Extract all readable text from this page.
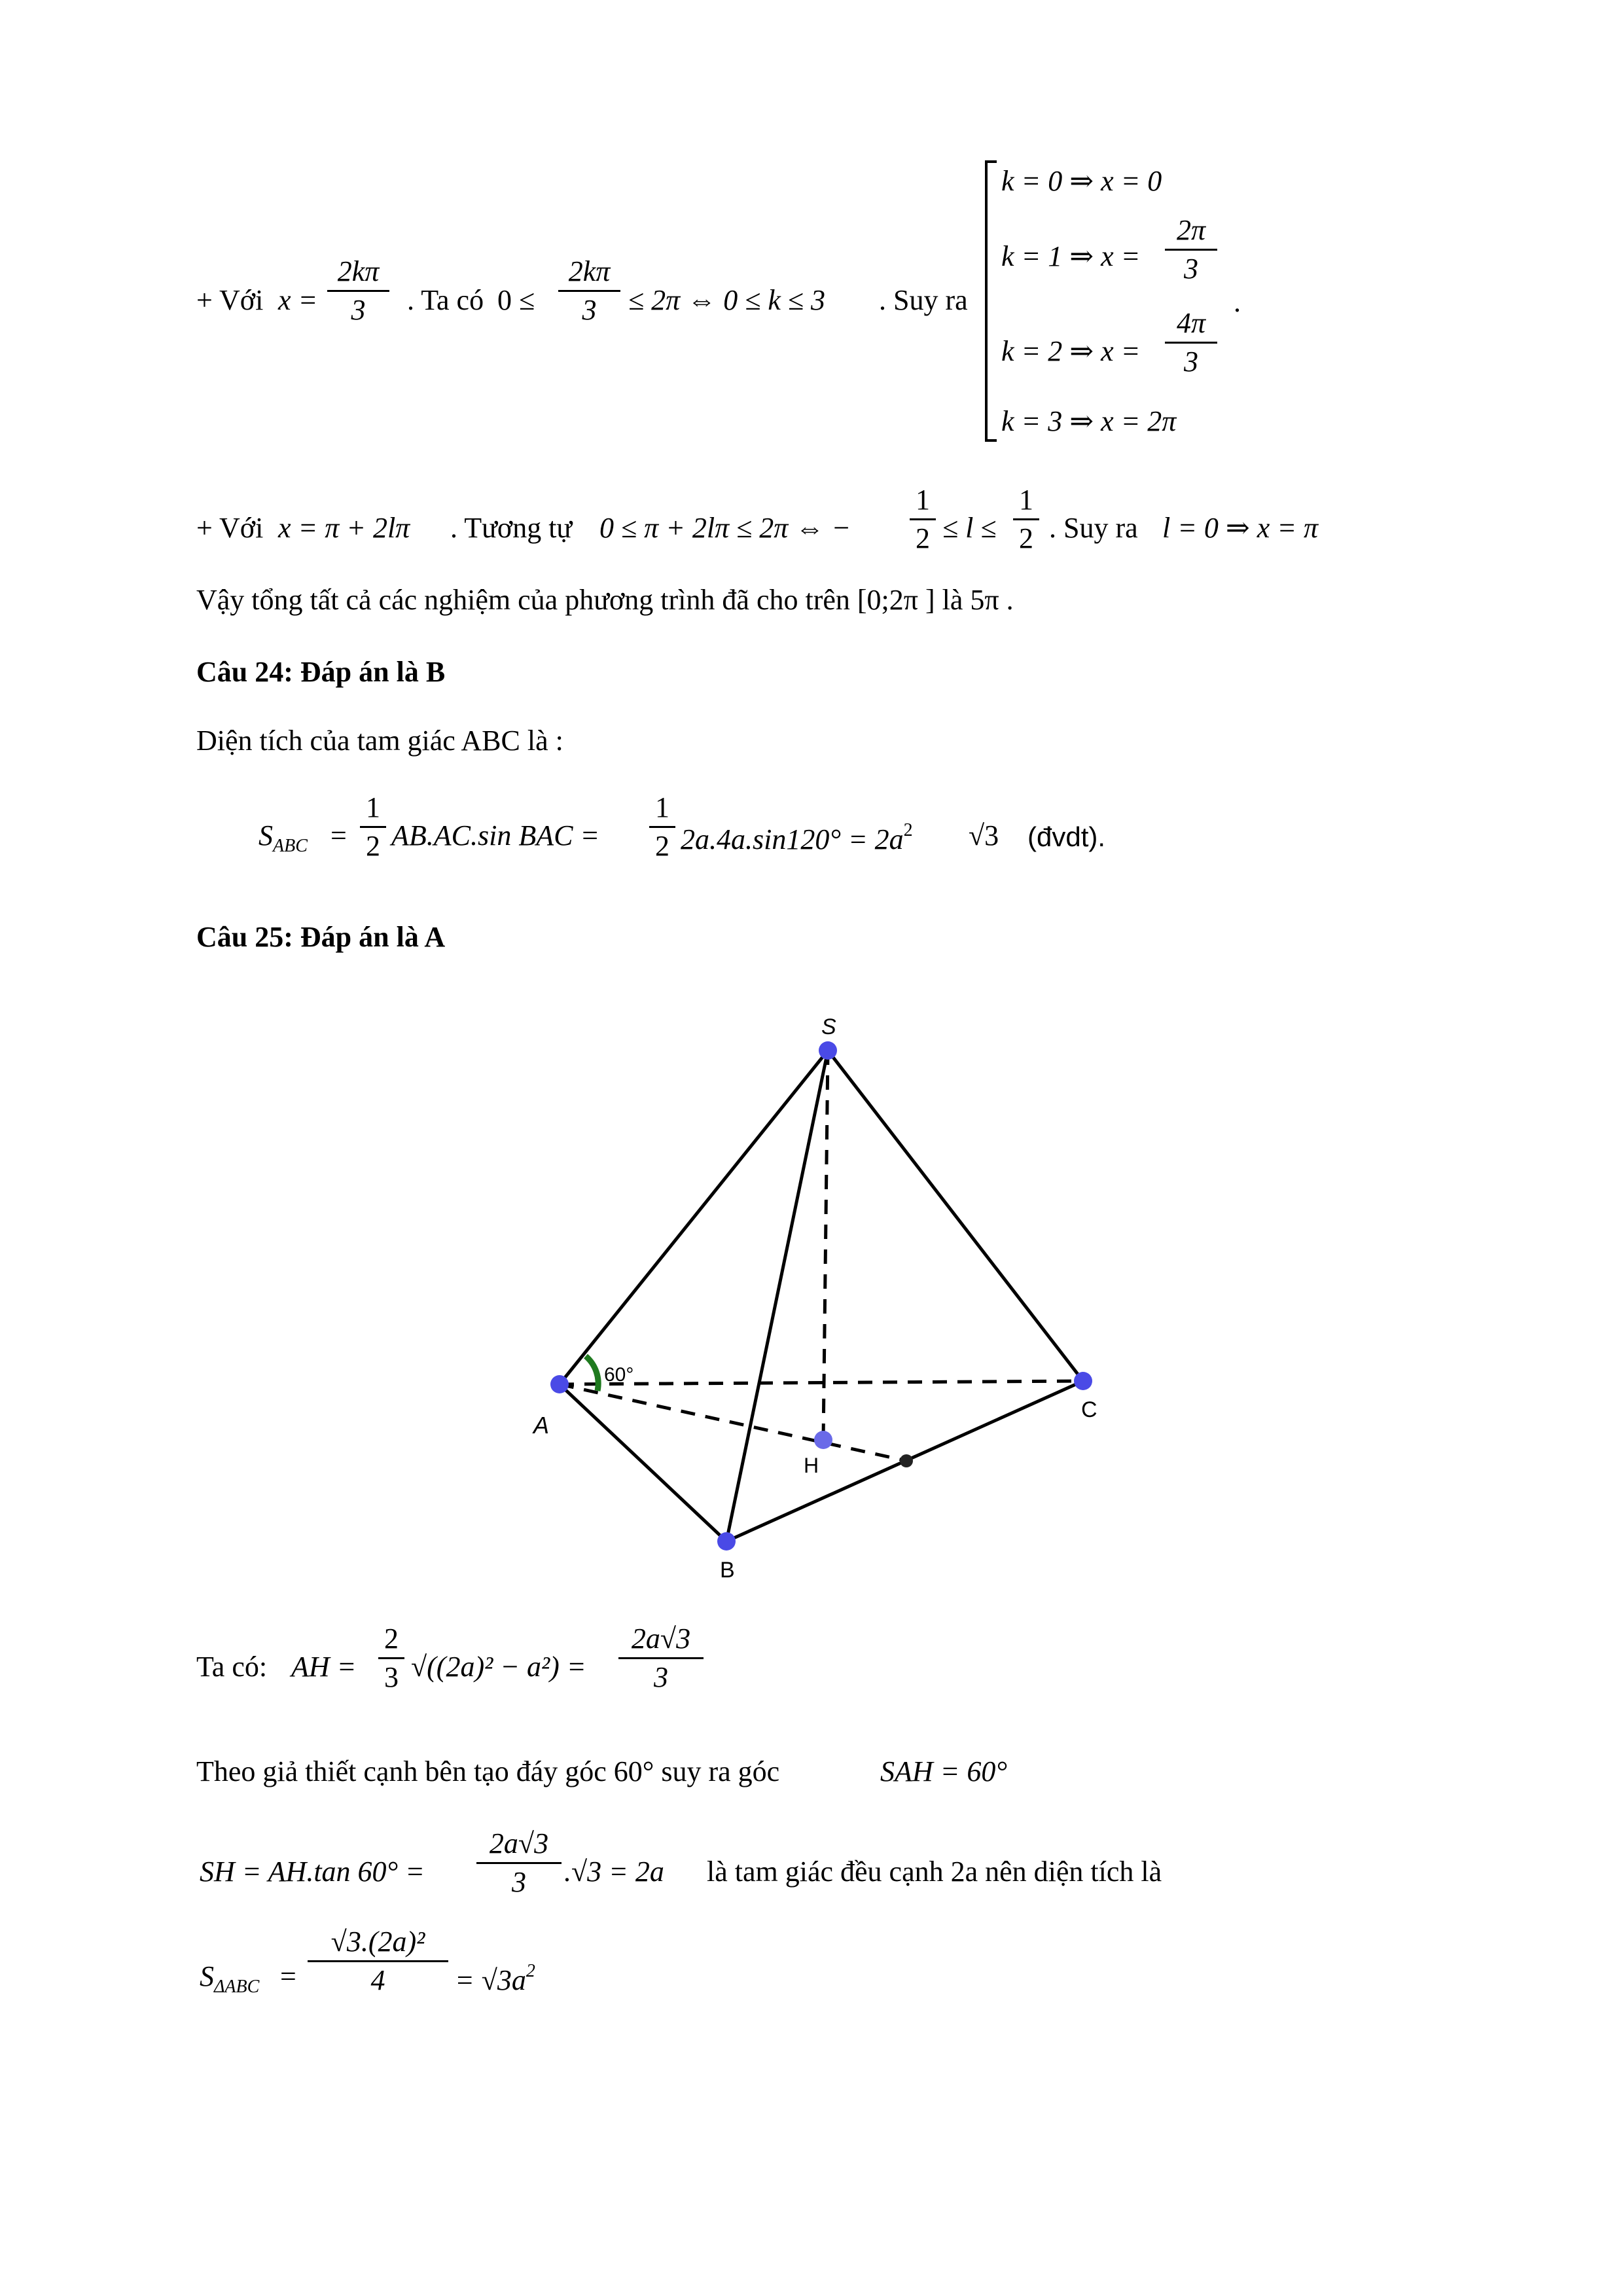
+ Với x =
2kπ
3	. Ta có 0 ≤
2kπ
3	≤ 2π ⇔ 0 ≤ k ≤ 3 . Suy ra
k = 0 ⇒ x = 0
k = 1 ⇒ x =
2π
3
k = 2 ⇒ x =
4π
3
k = 3 ⇒ x = 2π
.
+ Với x = π + 2lπ . Tương tự 0 ≤ π + 2lπ ≤ 2π ⇔ −
1
2 ≤ l ≤
1
2 . Suy ra l = 0 ⇒ x = π
Vậy tổng tất cả các nghiệm của phương trình đã cho trên [0;2π ] là 5π .
Câu 24: Đáp án là B
Diện tích của tam giác ABC là :
$S_{ABC}$ =
1
2 AB.AC.sin BAC =
1
2 $2a.4a.\sin 120^\circ = 2a^2$ √3 (đvdt).
Câu 25: Đáp án là A
S
A
B
C
H
60°
Ta có: AH =
2
3 √((2a)² − a²) =
2a√3
3
Theo giả thiết cạnh bên tạo đáy góc 60° suy ra góc	SAH = 60°
SH = AH.tan 60° =
2a√3
3	.√3 = 2a là tam giác đều cạnh 2a nên diện tích là
$S_{\Delta ABC}$ =
√3.(2a)²
4	= $√3a^2$
